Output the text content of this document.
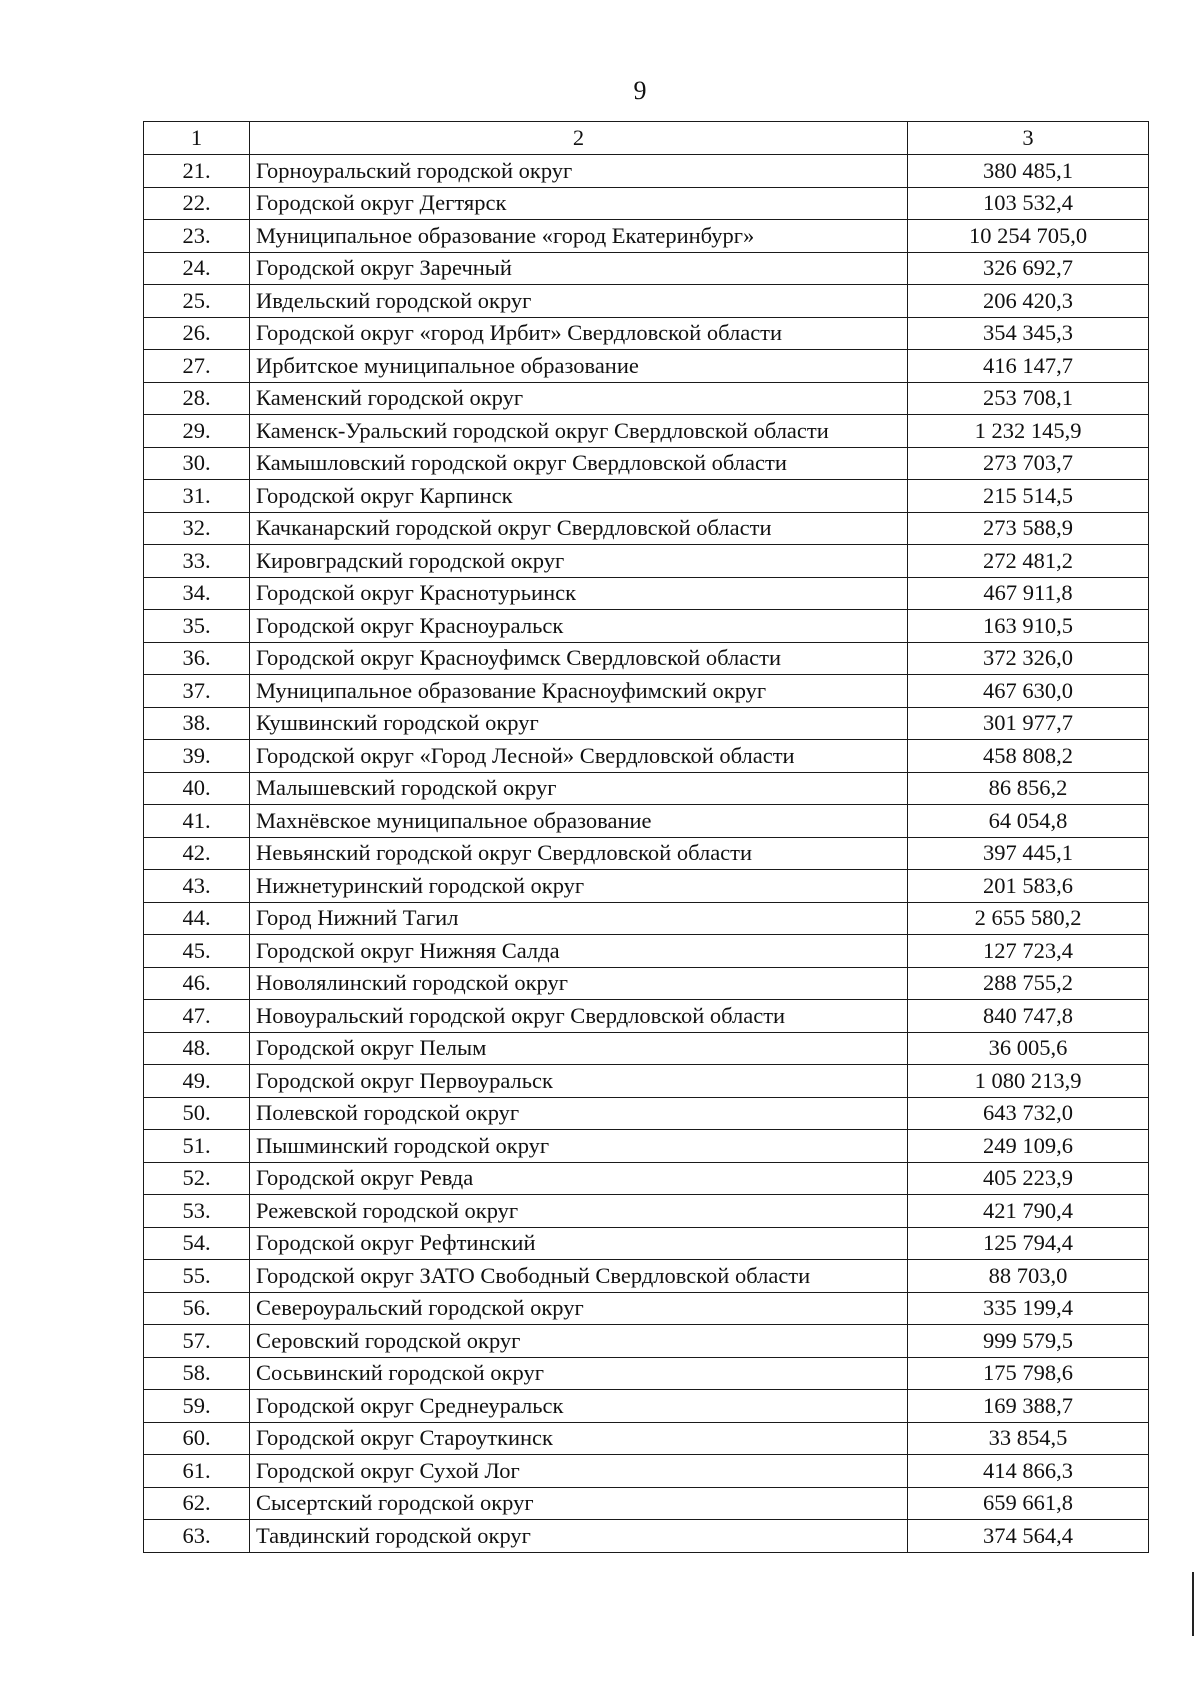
9
1	2	3
21.	Горноуральский городской округ	380 485,1
22.	Городской округ Дегтярск	103 532,4
23.	Муниципальное образование «город Екатеринбург»	10 254 705,0
24.	Городской округ Заречный	326 692,7
25.	Ивдельский городской округ	206 420,3
26.	Городской округ «город Ирбит» Свердловской области	354 345,3
27.	Ирбитское муниципальное образование	416 147,7
28.	Каменский городской округ	253 708,1
29.	Каменск-Уральский городской округ Свердловской области	1 232 145,9
30.	Камышловский городской округ Свердловской области	273 703,7
31.	Городской округ Карпинск	215 514,5
32.	Качканарский городской округ Свердловской области	273 588,9
33.	Кировградский городской округ	272 481,2
34.	Городской округ Краснотурьинск	467 911,8
35.	Городской округ Красноуральск	163 910,5
36.	Городской округ Красноуфимск Свердловской области	372 326,0
37.	Муниципальное образование Красноуфимский округ	467 630,0
38.	Кушвинский городской округ	301 977,7
39.	Городской округ «Город Лесной» Свердловской области	458 808,2
40.	Малышевский городской округ	86 856,2
41.	Махнёвское муниципальное образование	64 054,8
42.	Невьянский городской округ Свердловской области	397 445,1
43.	Нижнетуринский городской округ	201 583,6
44.	Город Нижний Тагил	2 655 580,2
45.	Городской округ Нижняя Салда	127 723,4
46.	Новолялинский городской округ	288 755,2
47.	Новоуральский городской округ Свердловской области	840 747,8
48.	Городской округ Пелым	36 005,6
49.	Городской округ Первоуральск	1 080 213,9
50.	Полевской городской округ	643 732,0
51.	Пышминский городской округ	249 109,6
52.	Городской округ Ревда	405 223,9
53.	Режевской городской округ	421 790,4
54.	Городской округ Рефтинский	125 794,4
55.	Городской округ ЗАТО Свободный Свердловской области	88 703,0
56.	Североуральский городской округ	335 199,4
57.	Серовский городской округ	999 579,5
58.	Сосьвинский городской округ	175 798,6
59.	Городской округ Среднеуральск	169 388,7
60.	Городской округ Староуткинск	33 854,5
61.	Городской округ Сухой Лог	414 866,3
62.	Сысертский городской округ	659 661,8
63.	Тавдинский городской округ	374 564,4
